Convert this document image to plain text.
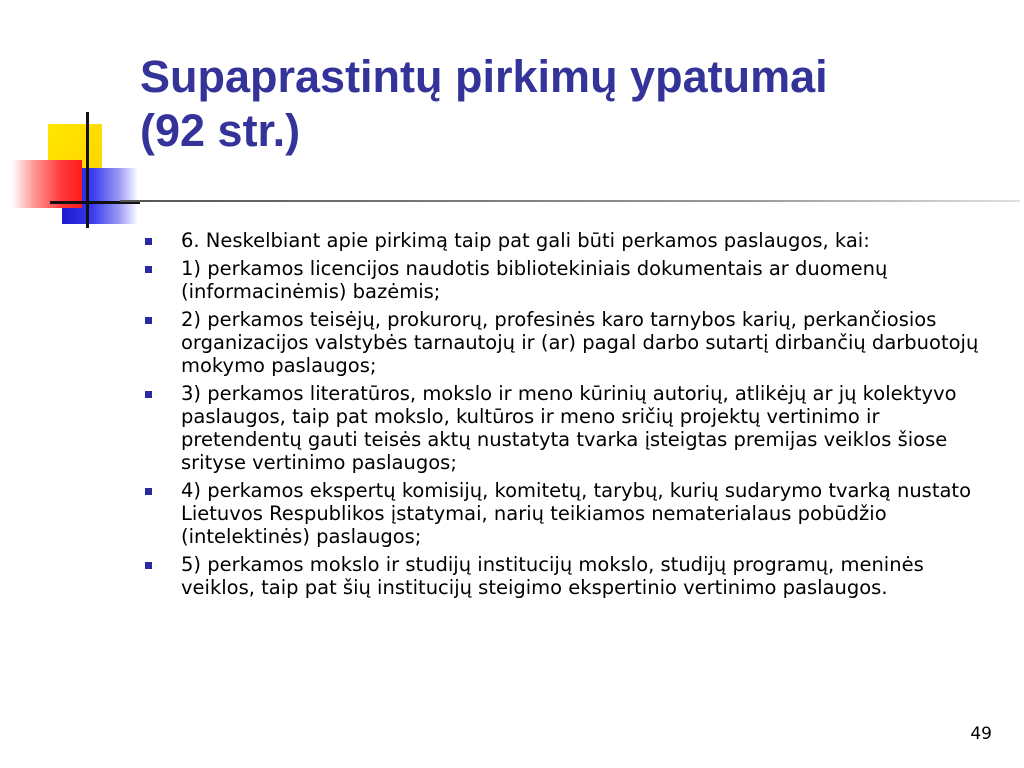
Supaprastintų pirkimų ypatumai
(92 str.)
6. Neskelbiant apie pirkimą taip pat gali būti perkamos paslaugos, kai:
1) perkamos licencijos naudotis bibliotekiniais dokumentais ar duomenų (informacinėmis) bazėmis;
2) perkamos teisėjų, prokurorų, profesinės karo tarnybos karių, perkančiosios organizacijos valstybės tarnautojų ir (ar) pagal darbo sutartį dirbančių darbuotojų mokymo paslaugos;
3) perkamos literatūros, mokslo ir meno kūrinių autorių, atlikėjų ar jų kolektyvo paslaugos, taip pat mokslo, kultūros ir meno sričių projektų vertinimo ir pretendentų gauti teisės aktų nustatyta tvarka įsteigtas premijas veiklos šiose srityse vertinimo paslaugos;
4) perkamos ekspertų komisijų, komitetų, tarybų, kurių sudarymo tvarką nustato Lietuvos Respublikos įstatymai, narių teikiamos nematerialaus pobūdžio (intelektinės) paslaugos;
5) perkamos mokslo ir studijų institucijų mokslo, studijų programų, meninės veiklos, taip pat šių institucijų steigimo ekspertinio vertinimo paslaugos.
49
